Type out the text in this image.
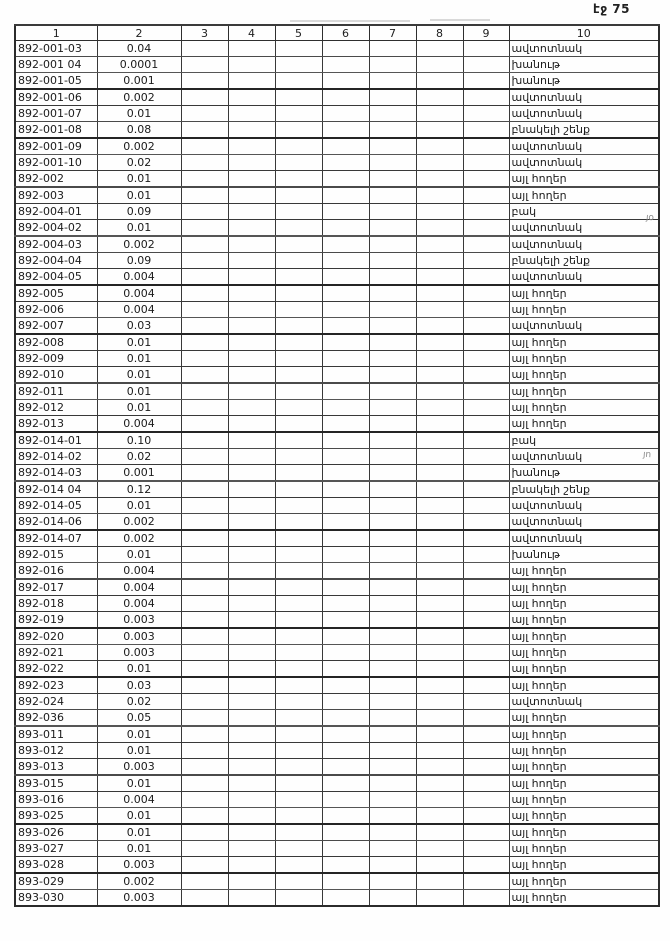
էջ 75
1	2	3	4	5	6	7	8	9	10
892-001-03	0.04								ավտոտնակ
892-001 04	0.0001								խանութ
892-001-05	0.001								խանութ
892-001-06	0.002								ավտոտնակ
892-001-07	0.01								ավտոտնակ
892-001-08	0.08								բնակելի շենք
892-001-09	0.002								ավտոտնակ
892-001-10	0.02								ավտոտնակ
892-002	0.01								այլ հողեր
892-003	0.01								այլ հողեր
892-004-01	0.09								բակ
892-004-02	0.01								ավտոտնակ
892-004-03	0.002								ավտոտնակ
892-004-04	0.09								բնակելի շենք
892-004-05	0.004								ավտոտնակ
892-005	0.004								այլ հողեր
892-006	0.004								այլ հողեր
892-007	0.03								ավտոտնակ
892-008	0.01								այլ հողեր
892-009	0.01								այլ հողեր
892-010	0.01								այլ հողեր
892-011	0.01								այլ հողեր
892-012	0.01								այլ հողեր
892-013	0.004								այլ հողեր
892-014-01	0.10								բակ
892-014-02	0.02								ավտոտնակ
892-014-03	0.001								խանութ
892-014 04	0.12								բնակելի շենք
892-014-05	0.01								ավտոտնակ
892-014-06	0.002								ավտոտնակ
892-014-07	0.002								ավտոտնակ
892-015	0.01								խանութ
892-016	0.004								այլ հողեր
892-017	0.004								այլ հողեր
892-018	0.004								այլ հողեր
892-019	0.003								այլ հողեր
892-020	0.003								այլ հողեր
892-021	0.003								այլ հողեր
892-022	0.01								այլ հողեր
892-023	0.03								այլ հողեր
892-024	0.02								ավտոտնակ
892-036	0.05								այլ հողեր
893-011	0.01								այլ հողեր
893-012	0.01								այլ հողեր
893-013	0.003								այլ հողեր
893-015	0.01								այլ հողեր
893-016	0.004								այլ հողեր
893-025	0.01								այլ հողեր
893-026	0.01								այլ հողեր
893-027	0.01								այլ հողեր
893-028	0.003								այլ հողեր
893-029	0.002								այլ հողեր
893-030	0.003								այլ հողեր
յօ
յո
